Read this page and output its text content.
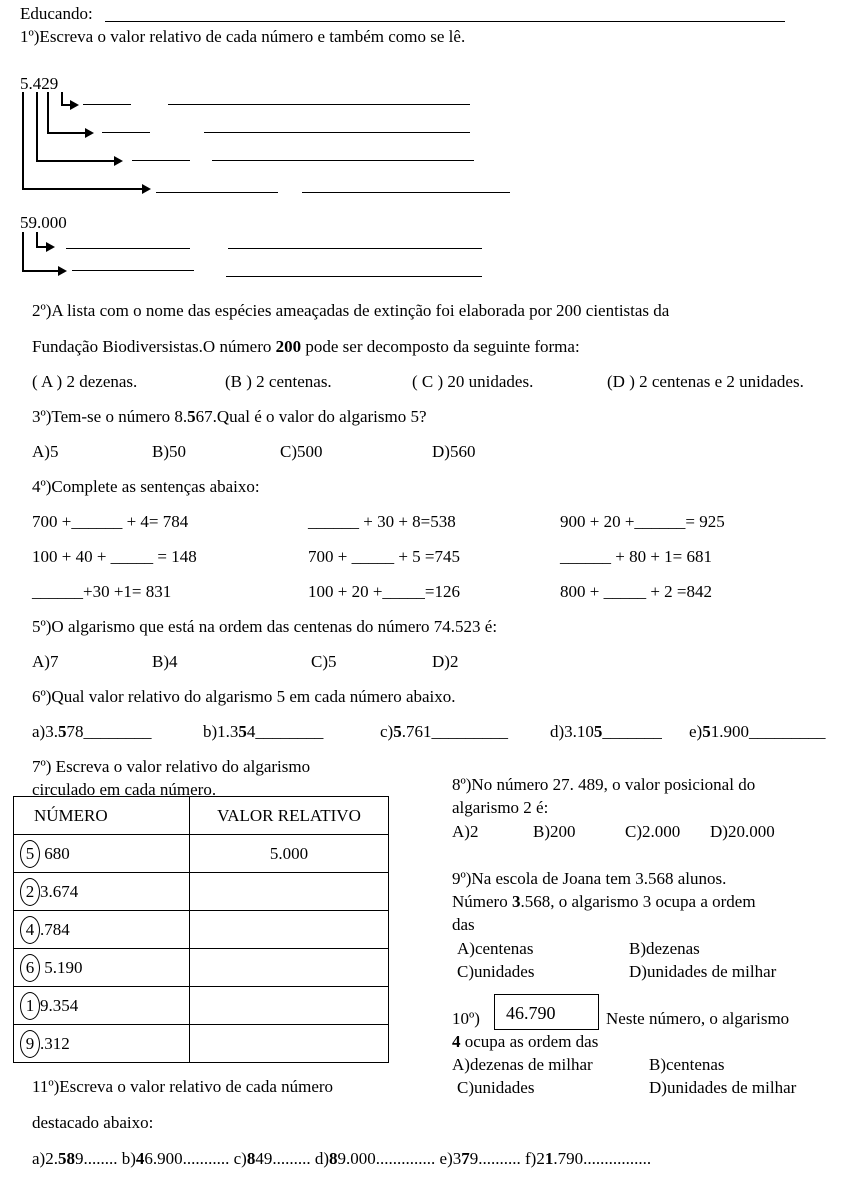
Educando:
1º)Escreva o valor relativo de cada número e também como se lê.
5.429
59.000
2º)A lista com o nome das espécies ameaçadas de extinção foi elaborada por 200 cientistas da
Fundação Biodiversistas.O número 200 pode ser decomposto da seguinte forma:
( A ) 2 dezenas.	(B ) 2 centenas.	( C ) 20 unidades.	(D ) 2 centenas e 2 unidades.
3º)Tem-se o número 8.567.Qual é o valor do algarismo 5?
A)5	B)50	C)500	D)560
4º)Complete as sentenças abaixo:
700 +______ + 4= 784	______ + 30 + 8=538	900 + 20 +______= 925
100 + 40 + _____ = 148	700 + _____ + 5 =745	______ + 80 + 1= 681
______+30 +1= 831	100 + 20 +_____=126	800 + _____ + 2 =842
5º)O algarismo que está na ordem das centenas do número 74.523 é:
A)7	B)4	C)5	D)2
6º)Qual valor relativo do algarismo 5 em cada número abaixo.
a)3.578________	b)1.354________	c)5.761_________ d)3.105_______ e)51.900_________
7º) Escreva o valor relativo do algarismo
circulado em cada número.
NÚMERO	VALOR RELATIVO
5 680	5.000
2 3.674	
4 .784	
6 5.190	
1 9.354	
9 .312	
8º)No número 27. 489, o valor posicional do
algarismo 2 é:
A)2	B)200	C)2.000 D)20.000
9º)Na escola de Joana tem 3.568 alunos.
Número 3.568, o algarismo 3 ocupa a ordem
das
A)centenas	B)dezenas
C)unidades	D)unidades de milhar
10º) 46.790	Neste número, o algarismo
4 ocupa as ordem das
A)dezenas de milhar	B)centenas
C)unidades	D)unidades de milhar
11º)Escreva o valor relativo de cada número
destacado abaixo:
a)2.589........ b)46.900........... c)849......... d)89.000.............. e)379.......... f)21.790................
